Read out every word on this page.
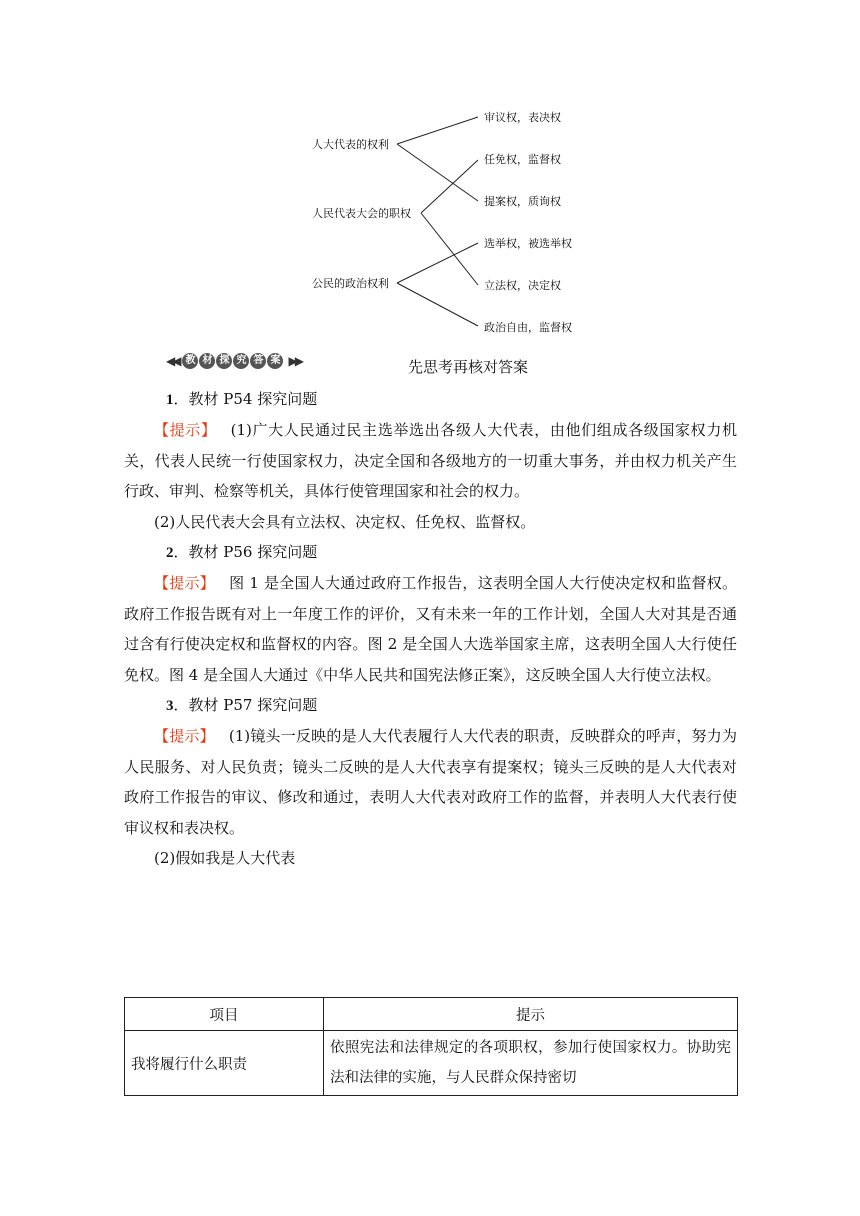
人大代表的权利
人民代表大会的职权
公民的政治权利
审议权，表决权
任免权，监督权
提案权，质询权
选举权，被选举权
立法权，决定权
政治自由，监督权
◀◀ 教 材 探 究 答 案 ▶▶	先思考再核对答案

1．教材 P54 探究问题

【提示】 (1)广大人民通过民主选举选出各级人大代表，由他们组成各级国家权力机关，代表人民统一行使国家权力，决定全国和各级地方的一切重大事务，并由权力机关产生行政、审判、检察等机关，具体行使管理国家和社会的权力。

(2)人民代表大会具有立法权、决定权、任免权、监督权。

2．教材 P56 探究问题

【提示】 图 1 是全国人大通过政府工作报告，这表明全国人大行使决定权和监督权。政府工作报告既有对上一年度工作的评价，又有未来一年的工作计划，全国人大对其是否通过含有行使决定权和监督权的内容。图 2 是全国人大选举国家主席，这表明全国人大行使任免权。图 4 是全国人大通过《中华人民共和国宪法修正案》，这反映全国人大行使立法权。

3．教材 P57 探究问题

【提示】 (1)镜头一反映的是人大代表履行人大代表的职责，反映群众的呼声，努力为人民服务、对人民负责；镜头二反映的是人大代表享有提案权；镜头三反映的是人大代表对政府工作报告的审议、修改和通过，表明人大代表对政府工作的监督，并表明人大代表行使审议权和表决权。

(2)假如我是人大代表

项目	提示
我将履行什么职责	依照宪法和法律规定的各项职权，参加行使国家权力。协助宪法和法律的实施，与人民群众保持密切
